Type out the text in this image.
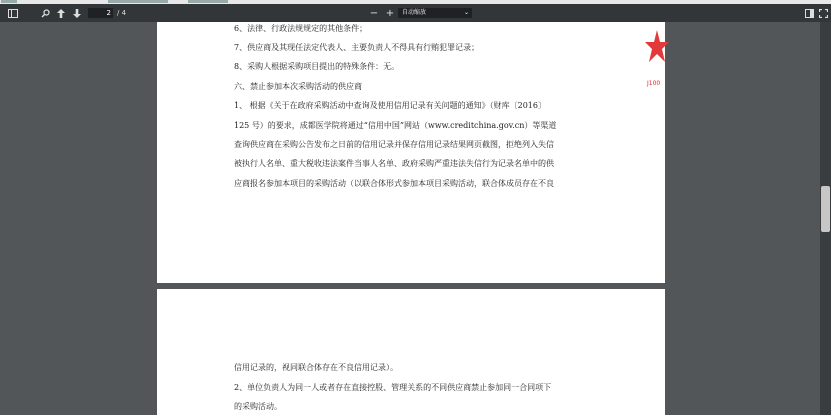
2 / 4	− +	自动缩放	⌄
6、法律、行政法规规定的其他条件；
7、供应商及其现任法定代表人、主要负责人不得具有行贿犯罪记录；
8、采购人根据采购项目提出的特殊条件：无。
六、禁止参加本次采购活动的供应商
1、 根据《关于在政府采购活动中查询及使用信用记录有关问题的通知》（财库〔2016〕
125 号）的要求，成都医学院将通过“信用中国”网站（www.creditchina.gov.cn）等渠道
查询供应商在采购公告发布之日前的信用记录并保存信用记录结果网页截图，拒绝列入失信
被执行人名单、重大税收违法案件当事人名单、政府采购严重违法失信行为记录名单中的供
应商报名参加本项目的采购活动（以联合体形式参加本项目采购活动，联合体成员存在不良
J100
信用记录的，视同联合体存在不良信用记录）。
2、单位负责人为同一人或者存在直接控股、管理关系的不同供应商禁止参加同一合同项下
的采购活动。
